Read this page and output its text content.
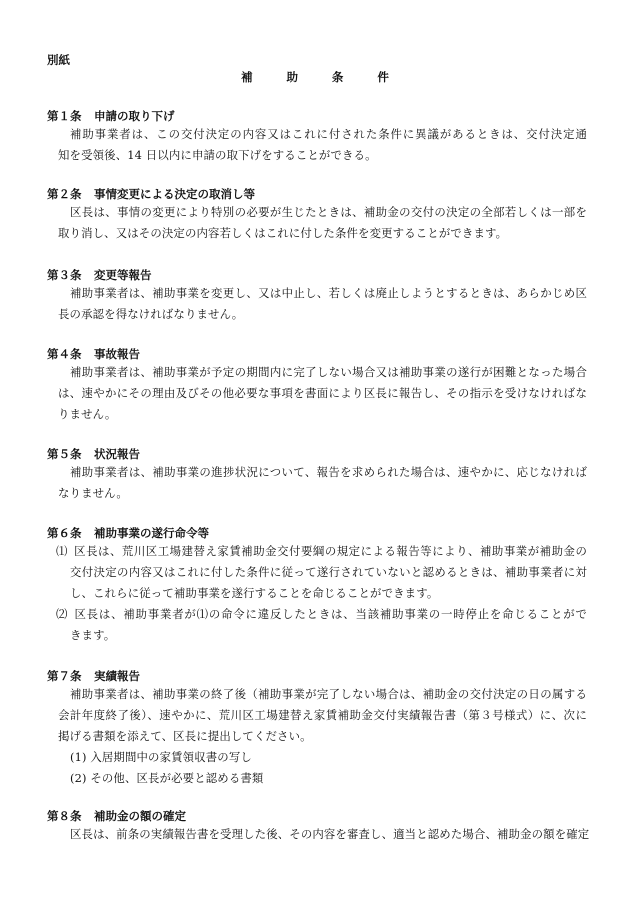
別紙
補 助 条 件
第１条 申請の取り下げ
補助事業者は、この交付決定の内容又はこれに付された条件に異議があるときは、交付決定通
知を受領後、14 日以内に申請の取下げをすることができる。
第２条 事情変更による決定の取消し等
区長は、事情の変更により特別の必要が生じたときは、補助金の交付の決定の全部若しくは一部を
取り消し、又はその決定の内容若しくはこれに付した条件を変更することができます。
第３条 変更等報告
補助事業者は、補助事業を変更し、又は中止し、若しくは廃止しようとするときは、あらかじめ区
長の承認を得なければなりません。
第４条 事故報告
補助事業者は、補助事業が予定の期間内に完了しない場合又は補助事業の遂行が困難となった場合
は、速やかにその理由及びその他必要な事項を書面により区長に報告し、その指示を受けなければな
りません。
第５条 状況報告
補助事業者は、補助事業の進捗状況について、報告を求められた場合は、速やかに、応じなければ
なりません。
第６条 補助事業の遂行命令等
⑴ 区長は、荒川区工場建替え家賃補助金交付要綱の規定による報告等により、補助事業が補助金の
交付決定の内容又はこれに付した条件に従って遂行されていないと認めるときは、補助事業者に対
し、これらに従って補助事業を遂行することを命じることができます。
⑵ 区長は、補助事業者が⑴の命令に違反したときは、当該補助事業の一時停止を命じることがで
きます。
第７条 実績報告
補助事業者は、補助事業の終了後（補助事業が完了しない場合は、補助金の交付決定の日の属する
会計年度終了後）、速やかに、荒川区工場建替え家賃補助金交付実績報告書（第３号様式）に、次に
掲げる書類を添えて、区長に提出してください。
(1) 入居期間中の家賃領収書の写し
(2) その他、区長が必要と認める書類
第８条 補助金の額の確定
区長は、前条の実績報告書を受理した後、その内容を審査し、適当と認めた場合、補助金の額を確定
